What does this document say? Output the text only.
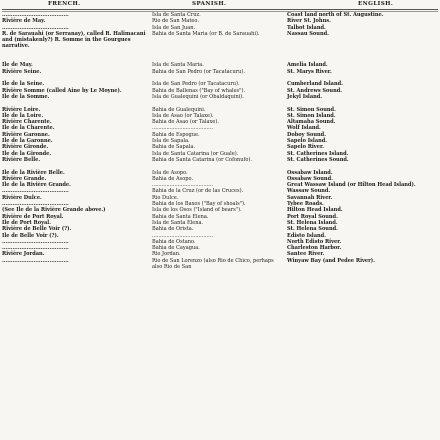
FRENCH.	SPANISH.	ENGLISH.
......................................
Rivière de May.
......................................
R. de Sarauahi (or Serranay), called R. Halimacani and (mistakenly?) R. Somme in the Gourgues narrative.
Ile de May.
Rivière Seine.
Ile de la Seine.
Rivière Somme (called Aine by Le Moyne).
Ile de la Somme.
Rivière Loire.
Ile de la Loire.
Rivière Charente.
Ile de la Charente.
Rivière Garonne.
Ile de la Garonne.
Rivière Gironde.
Ile de la Gironde.
Rivière Belle.
Ile de la Rivière Belle.
Rivière Grande.
Ile de la Rivière Grande.
......................................
Rivière Dulce.
......................................
(See Ile de la Rivière Grande above.)
Rivière de Port Royal.
Ile de Port Royal.
Rivière de Belle Voir (?).
Ile de Belle Voir (?).
......................................
......................................
Rivière Jordan.
......................................
Isla de Santa Cruz.
Rio de San Mateo.
Isla de San Juan.
Bahia de Santa Maria (or B. de Sarauahi).
Isla de Santa Maria.
Bahia de San Pedro (or Tacatacuru).
Isla de San Pedro (or Tacatacuru).
Bahia de Ballenas ("Bay of whales").
Isla de Gualequini (or Obaldaquini).
Bahia de Gualequini.
Isla de Asao (or Talaxe).
Bahia de Asao (or Talaxe).
......................................
Bahia de Espogue.
Isla de Sapala.
Bahia de Sapala.
Isla de Santa Catarina (or Guale).
Bahia de Santa Catarina (or Cofonufo).
Isla de Asopo.
Bahia de Asopo.
......................................
Bahia de la Cruz (or de las Cruces).
Rio Dulce.
Bahia de los Baxos ("Bay of shoals").
Isla de los Osos ("Island of bears").
Bahia de Santa Elena.
Isla de Santa Elena.
Bahia de Orista.
......................................
Bahia de Ostano.
Bahia de Cayagua.
Rio Jordan.
Rio de San Lorenzo (also Rio de Chico, perhaps also Rio de San
Coast land north of St. Augustine.
River St. Johns.
Talbot Island.
Nassau Sound.
Amelia Island.
St. Marys River.
Cumberland Island.
St. Andrews Sound.
Jekyl Island.
St. Simon Sound.
St. Simon Island.
Altamaha Sound.
Wolf Island.
Doboy Sound.
Sapelo Island.
Sapelo River.
St. Catherines Island.
St. Catherines Sound.
Ossabaw Island.
Ossabaw Sound.
Great Wassaw Island (or Hilton Head Island).
Wassaw Sound.
Savannah River.
Tybee Roads.
Hilton Head Island.
Port Royal Sound.
St. Helena Island.
St. Helena Sound.
Edisto Island.
North Edisto River.
Charleston Harbor.
Santee River.
Winyaw Bay (and Pedee River).
